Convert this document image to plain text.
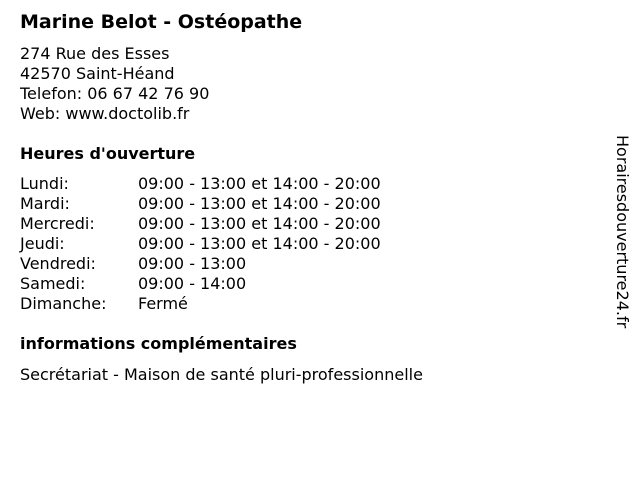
Marine Belot - Ostéopathe
274 Rue des Esses
42570 Saint-Héand
Telefon: 06 67 42 76 90
Web: www.doctolib.fr
Heures d'ouverture
Lundi:	09:00 - 13:00 et 14:00 - 20:00
Mardi:	09:00 - 13:00 et 14:00 - 20:00
Mercredi:	09:00 - 13:00 et 14:00 - 20:00
Jeudi:	09:00 - 13:00 et 14:00 - 20:00
Vendredi:	09:00 - 13:00
Samedi:	09:00 - 14:00
Dimanche:	Fermé
informations complémentaires
Secrétariat - Maison de santé pluri-professionnelle
Horairesdouverture24.fr
